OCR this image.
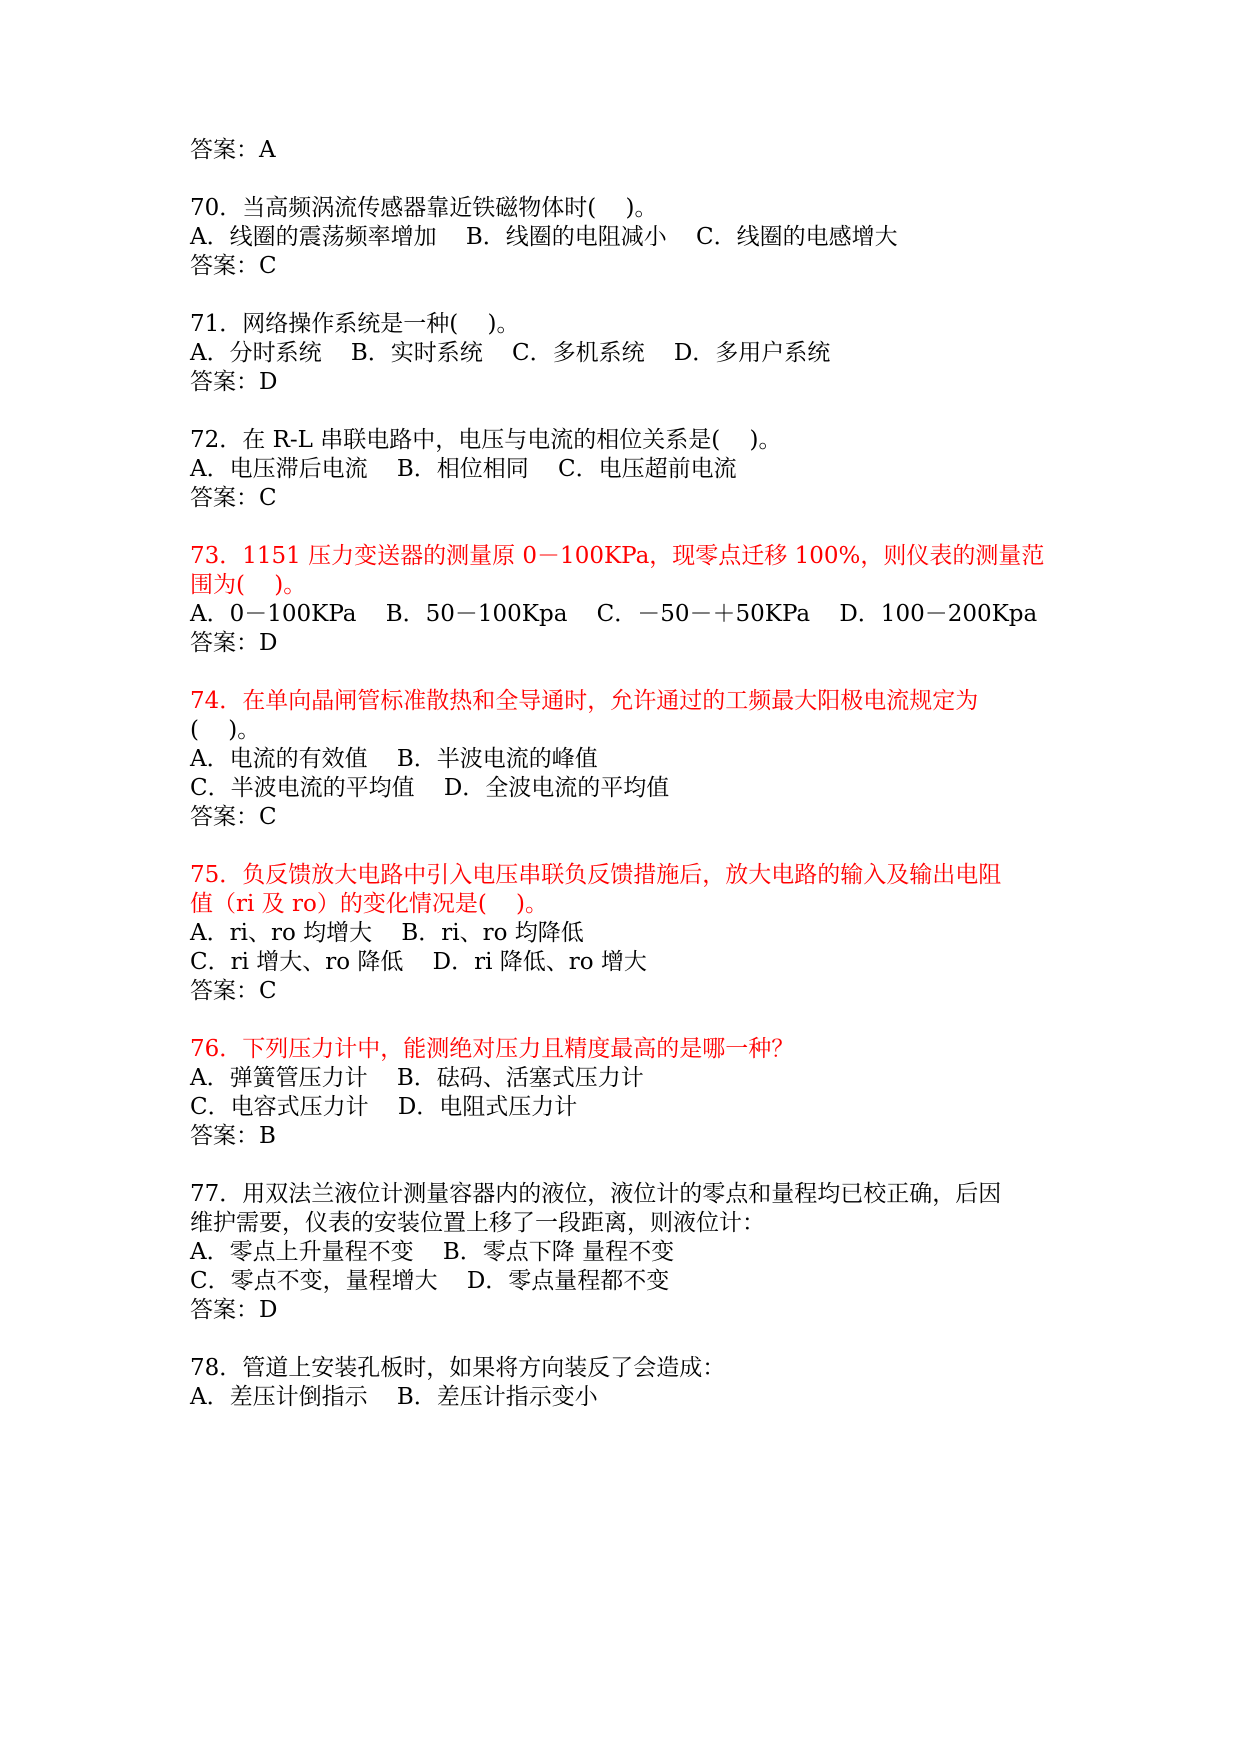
答案：A
70．当高频涡流传感器靠近铁磁物体时(    )。
A．线圈的震荡频率增加    B．线圈的电阻减小    C．线圈的电感增大
答案：C
71．网络操作系统是一种(    )。
A．分时系统    B．实时系统    C．多机系统    D．多用户系统
答案：D
72．在 R-L 串联电路中，电压与电流的相位关系是(    )。
A．电压滞后电流    B．相位相同    C．电压超前电流
答案：C
73．1151 压力变送器的测量原 0－100KPa，现零点迁移 100%，则仪表的测量范
围为(    )。
A．0－100KPa    B．50－100Kpa    C．－50－＋50KPa    D．100－200Kpa
答案：D
74．在单向晶闸管标准散热和全导通时，允许通过的工频最大阳极电流规定为
(    )。
A．电流的有效值    B．半波电流的峰值
C．半波电流的平均值    D．全波电流的平均值
答案：C
75．负反馈放大电路中引入电压串联负反馈措施后，放大电路的输入及输出电阻
值（ri 及 ro）的变化情况是(    )。
A．ri、ro 均增大    B．ri、ro 均降低
C．ri 增大、ro 降低    D．ri 降低、ro 增大
答案：C
76．下列压力计中，能测绝对压力且精度最高的是哪一种？
A．弹簧管压力计    B．砝码、活塞式压力计
C．电容式压力计    D．电阻式压力计
答案：B
77．用双法兰液位计测量容器内的液位，液位计的零点和量程均已校正确，后因
维护需要，仪表的安装位置上移了一段距离，则液位计：
A．零点上升量程不变    B．零点下降 量程不变
C．零点不变，量程增大    D．零点量程都不变
答案：D
78．管道上安装孔板时，如果将方向装反了会造成：
A．差压计倒指示    B．差压计指示变小
